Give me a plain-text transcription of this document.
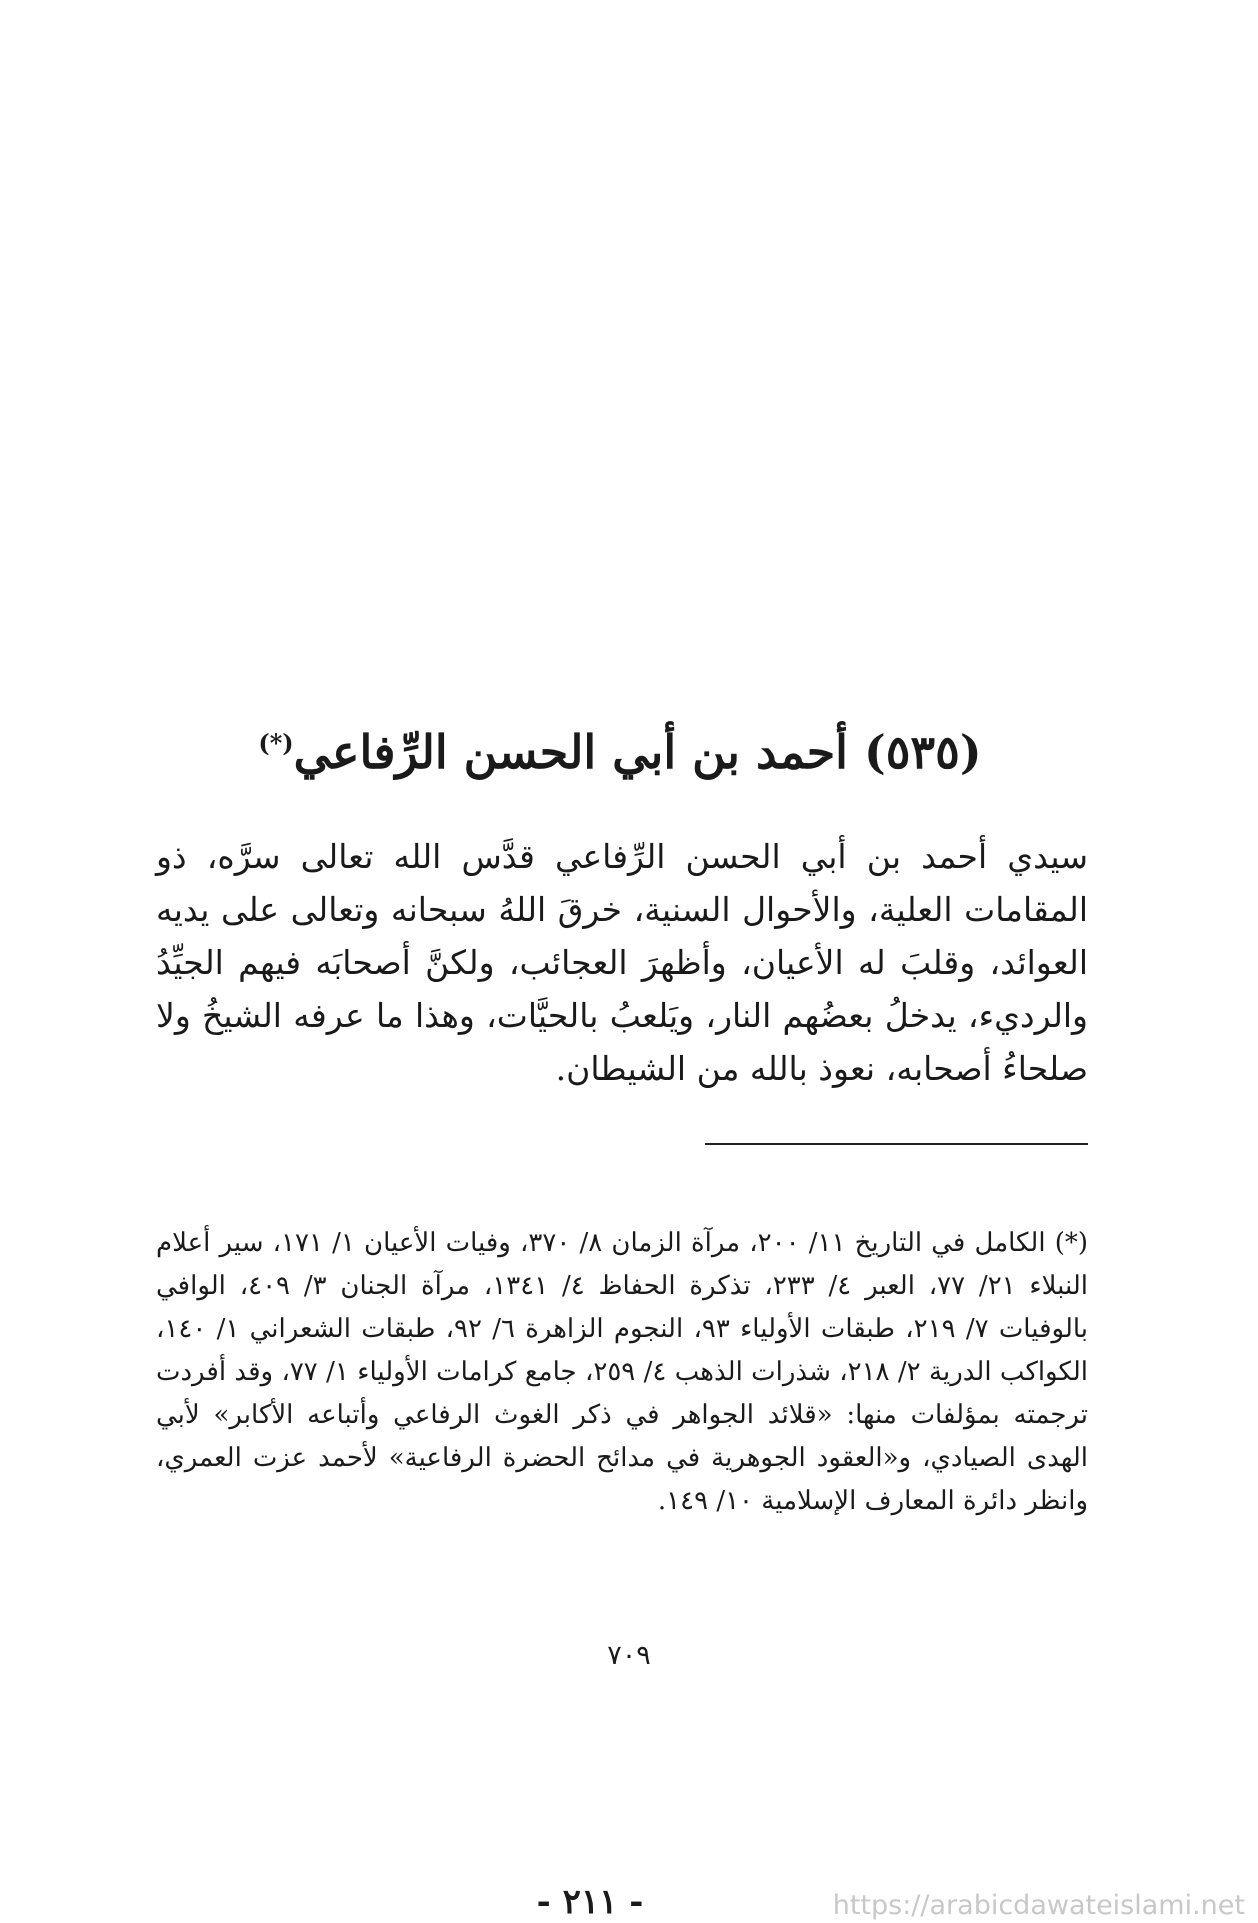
(٥٣٥) أحمد بن أبي الحسن الرِّفاعي(*)

سيدي أحمد بن أبي الحسن الرِّفاعي قدَّس الله تعالى سرَّه، ذو المقامات العلية، والأحوال السنية، خرقَ اللهُ سبحانه وتعالى على يديه العوائد، وقلبَ له الأعيان، وأظهرَ العجائب، ولكنَّ أصحابَه فيهم الجيِّدُ والرديء، يدخلُ بعضُهم النار، ويَلعبُ بالحيَّات، وهذا ما عرفه الشيخُ ولا صلحاءُ أصحابه، نعوذ بالله من الشيطان.

(*) الكامل في التاريخ ١١/ ٢٠٠، مرآة الزمان ٨/ ٣٧٠، وفيات الأعيان ١/ ١٧١، سير أعلام النبلاء ٢١/ ٧٧، العبر ٤/ ٢٣٣، تذكرة الحفاظ ٤/ ١٣٤١، مرآة الجنان ٣/ ٤٠٩، الوافي بالوفيات ٧/ ٢١٩، طبقات الأولياء ٩٣، النجوم الزاهرة ٦/ ٩٢، طبقات الشعراني ١/ ١٤٠، الكواكب الدرية ٢/ ٢١٨، شذرات الذهب ٤/ ٢٥٩، جامع كرامات الأولياء ١/ ٧٧، وقد أفردت ترجمته بمؤلفات منها: «قلائد الجواهر في ذكر الغوث الرفاعي وأتباعه الأكابر» لأبي الهدى الصيادي، و«العقود الجوهرية في مدائح الحضرة الرفاعية» لأحمد عزت العمري، وانظر دائرة المعارف الإسلامية ١٠/ ١٤٩.

٧٠٩
- ٢١١ -	https://arabicdawateislami.net
